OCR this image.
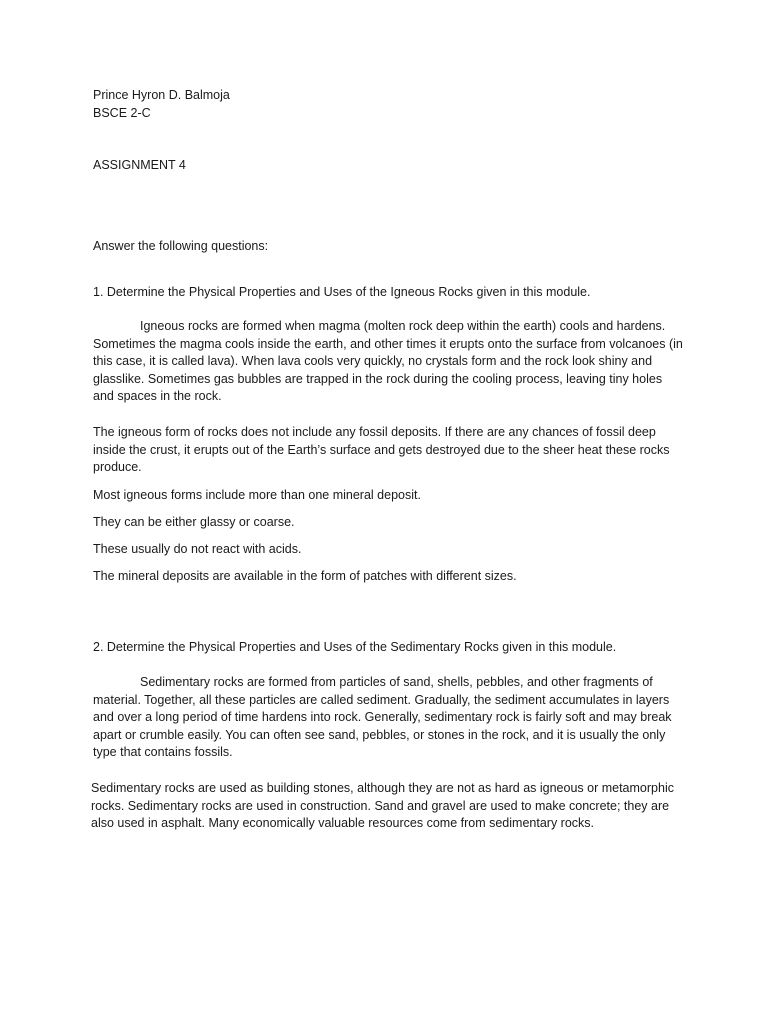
Prince Hyron D. Balmoja

BSCE 2-C

ASSIGNMENT 4

Answer the following questions:

1. Determine the Physical Properties and Uses of the Igneous Rocks given in this module.

Igneous rocks are formed when magma (molten rock deep within the earth) cools and hardens. Sometimes the magma cools inside the earth, and other times it erupts onto the surface from volcanoes (in this case, it is called lava). When lava cools very quickly, no crystals form and the rock look shiny and glasslike. Sometimes gas bubbles are trapped in the rock during the cooling process, leaving tiny holes and spaces in the rock.

The igneous form of rocks does not include any fossil deposits. If there are any chances of fossil deep inside the crust, it erupts out of the Earth’s surface and gets destroyed due to the sheer heat these rocks produce.

Most igneous forms include more than one mineral deposit.

They can be either glassy or coarse.

These usually do not react with acids.

The mineral deposits are available in the form of patches with different sizes.

2. Determine the Physical Properties and Uses of the Sedimentary Rocks given in this module.

Sedimentary rocks are formed from particles of sand, shells, pebbles, and other fragments of material. Together, all these particles are called sediment. Gradually, the sediment accumulates in layers and over a long period of time hardens into rock. Generally, sedimentary rock is fairly soft and may break apart or crumble easily. You can often see sand, pebbles, or stones in the rock, and it is usually the only type that contains fossils.

Sedimentary rocks are used as building stones, although they are not as hard as igneous or metamorphic rocks. Sedimentary rocks are used in construction. Sand and gravel are used to make concrete; they are also used in asphalt. Many economically valuable resources come from sedimentary rocks.
